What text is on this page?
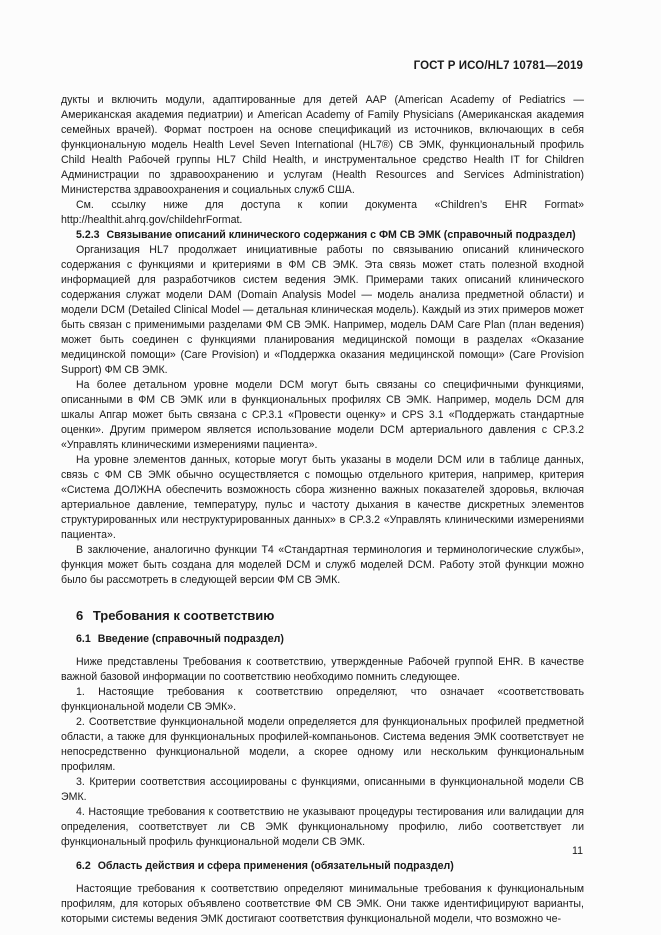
ГОСТ Р ИСО/HL7 10781—2019

дукты и включить модули, адаптированные для детей AAP (American Academy of Pediatrics — Американская академия педиатрии) и American Academy of Family Physicians (Американская академия семейных врачей). Формат построен на основе спецификаций из источников, включающих в себя функциональную модель Health Level Seven International (HL7®) СВ ЭМК, функциональный профиль Child Health Рабочей группы HL7 Child Health, и инструментальное средство Health IT for Children Администрации по здравоохранению и услугам (Health Resources and Services Administration) Министерства здравоохранения и социальных служб США.

См. ссылку ниже для доступа к копии документа «Children’s EHR Format» http://healthit.ahrq.gov/childehrFormat.

5.2.3 Связывание описаний клинического содержания с ФМ СВ ЭМК (справочный подраздел)

Организация HL7 продолжает инициативные работы по связыванию описаний клинического содержания с функциями и критериями в ФМ СВ ЭМК. Эта связь может стать полезной входной информацией для разработчиков систем ведения ЭМК. Примерами таких описаний клинического содержания служат модели DAM (Domain Analysis Model — модель анализа предметной области) и модели DCM (Detailed Clinical Model — детальная клиническая модель). Каждый из этих примеров может быть связан с применимыми разделами ФМ СВ ЭМК. Например, модель DAM Care Plan (план ведения) может быть соединен с функциями планирования медицинской помощи в разделах «Оказание медицинской помощи» (Care Provision) и «Поддержка оказания медицинской помощи» (Care Provision Support) ФМ СВ ЭМК.

На более детальном уровне модели DCM могут быть связаны со специфичными функциями, описанными в ФМ СВ ЭМК или в функциональных профилях СВ ЭМК. Например, модель DCM для шкалы Апгар может быть связана с CP.3.1 «Провести оценку» и CPS 3.1 «Поддержать стандартные оценки». Другим примером является использование модели DCM артериального давления с CP.3.2 «Управлять клиническими измерениями пациента».

На уровне элементов данных, которые могут быть указаны в модели DCM или в таблице данных, связь с ФМ СВ ЭМК обычно осуществляется с помощью отдельного критерия, например, критерия «Система ДОЛЖНА обеспечить возможность сбора жизненно важных показателей здоровья, включая артериальное давление, температуру, пульс и частоту дыхания в качестве дискретных элементов структурированных или неструктурированных данных» в CP.3.2 «Управлять клиническими измерениями пациента».

В заключение, аналогично функции Т4 «Стандартная терминология и терминологические службы», функция может быть создана для моделей DCM и служб моделей DCM. Работу этой функции можно было бы рассмотреть в следующей версии ФМ СВ ЭМК.

6 Требования к соответствию
6.1 Введение (справочный подраздел)

Ниже представлены Требования к соответствию, утвержденные Рабочей группой EHR. В качестве важной базовой информации по соответствию необходимо помнить следующее.

1. Настоящие требования к соответствию определяют, что означает «соответствовать функциональной модели СВ ЭМК».

2. Соответствие функциональной модели определяется для функциональных профилей предметной области, а также для функциональных профилей-компаньонов. Система ведения ЭМК соответствует не непосредственно функциональной модели, а скорее одному или нескольким функциональным профилям.

3. Критерии соответствия ассоциированы с функциями, описанными в функциональной модели СВ ЭМК.

4. Настоящие требования к соответствию не указывают процедуры тестирования или валидации для определения, соответствует ли СВ ЭМК функциональному профилю, либо соответствует ли функциональный профиль функциональной модели СВ ЭМК.

6.2 Область действия и сфера применения (обязательный подраздел)

Настоящие требования к соответствию определяют минимальные требования к функциональным профилям, для которых объявлено соответствие ФМ СВ ЭМК. Они также идентифицируют варианты, которыми системы ведения ЭМК достигают соответствия функциональной модели, что возможно че-

11
